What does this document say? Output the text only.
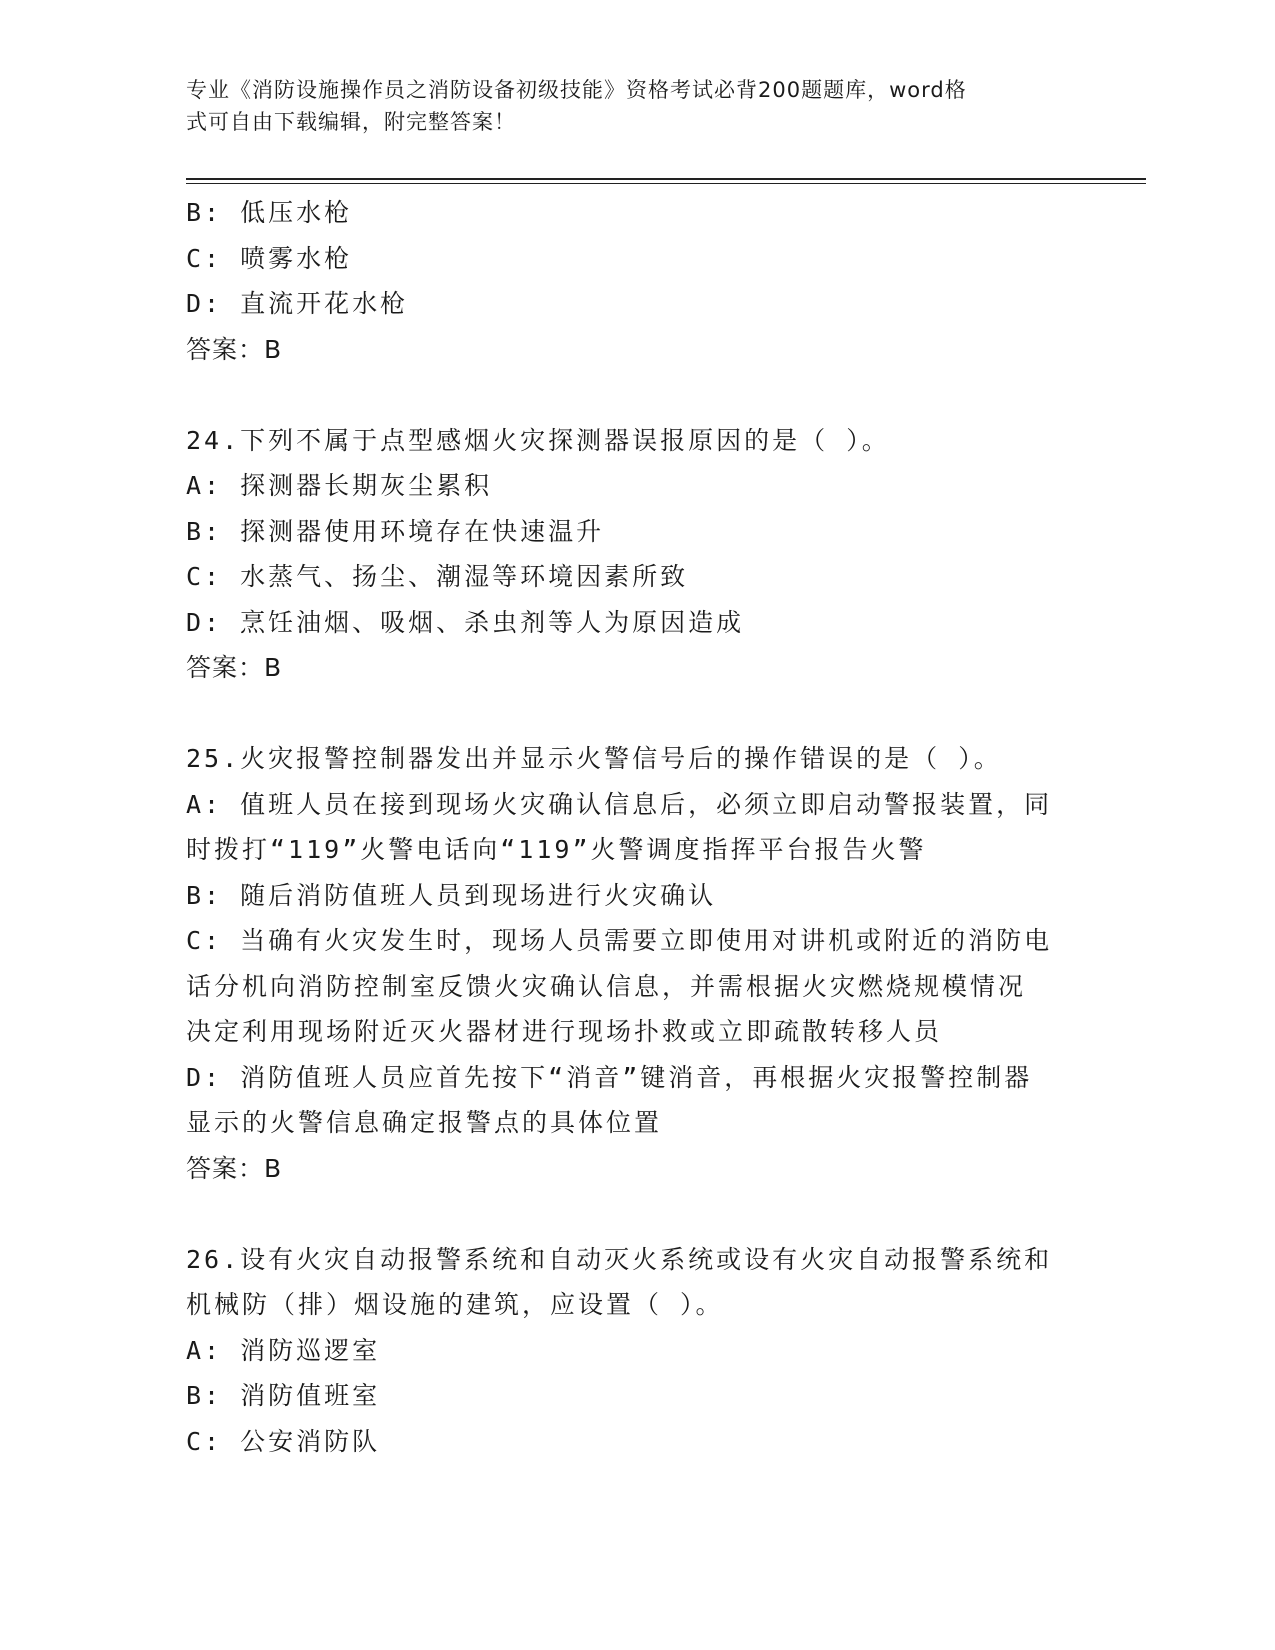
专业《消防设施操作员之消防设备初级技能》资格考试必背200题题库，word格
式可自由下载编辑，附完整答案！
B: 低压水枪
C: 喷雾水枪
D: 直流开花水枪
答案：B
24.下列不属于点型感烟火灾探测器误报原因的是（ ）。
A: 探测器长期灰尘累积
B: 探测器使用环境存在快速温升
C: 水蒸气、扬尘、潮湿等环境因素所致
D: 烹饪油烟、吸烟、杀虫剂等人为原因造成
答案：B
25.火灾报警控制器发出并显示火警信号后的操作错误的是（ ）。
A: 值班人员在接到现场火灾确认信息后，必须立即启动警报装置，同
时拨打“119”火警电话向“119”火警调度指挥平台报告火警
B: 随后消防值班人员到现场进行火灾确认
C: 当确有火灾发生时，现场人员需要立即使用对讲机或附近的消防电
话分机向消防控制室反馈火灾确认信息，并需根据火灾燃烧规模情况
决定利用现场附近灭火器材进行现场扑救或立即疏散转移人员
D: 消防值班人员应首先按下“消音”键消音，再根据火灾报警控制器
显示的火警信息确定报警点的具体位置
答案：B
26.设有火灾自动报警系统和自动灭火系统或设有火灾自动报警系统和
机械防（排）烟设施的建筑，应设置（ ）。
A: 消防巡逻室
B: 消防值班室
C: 公安消防队
